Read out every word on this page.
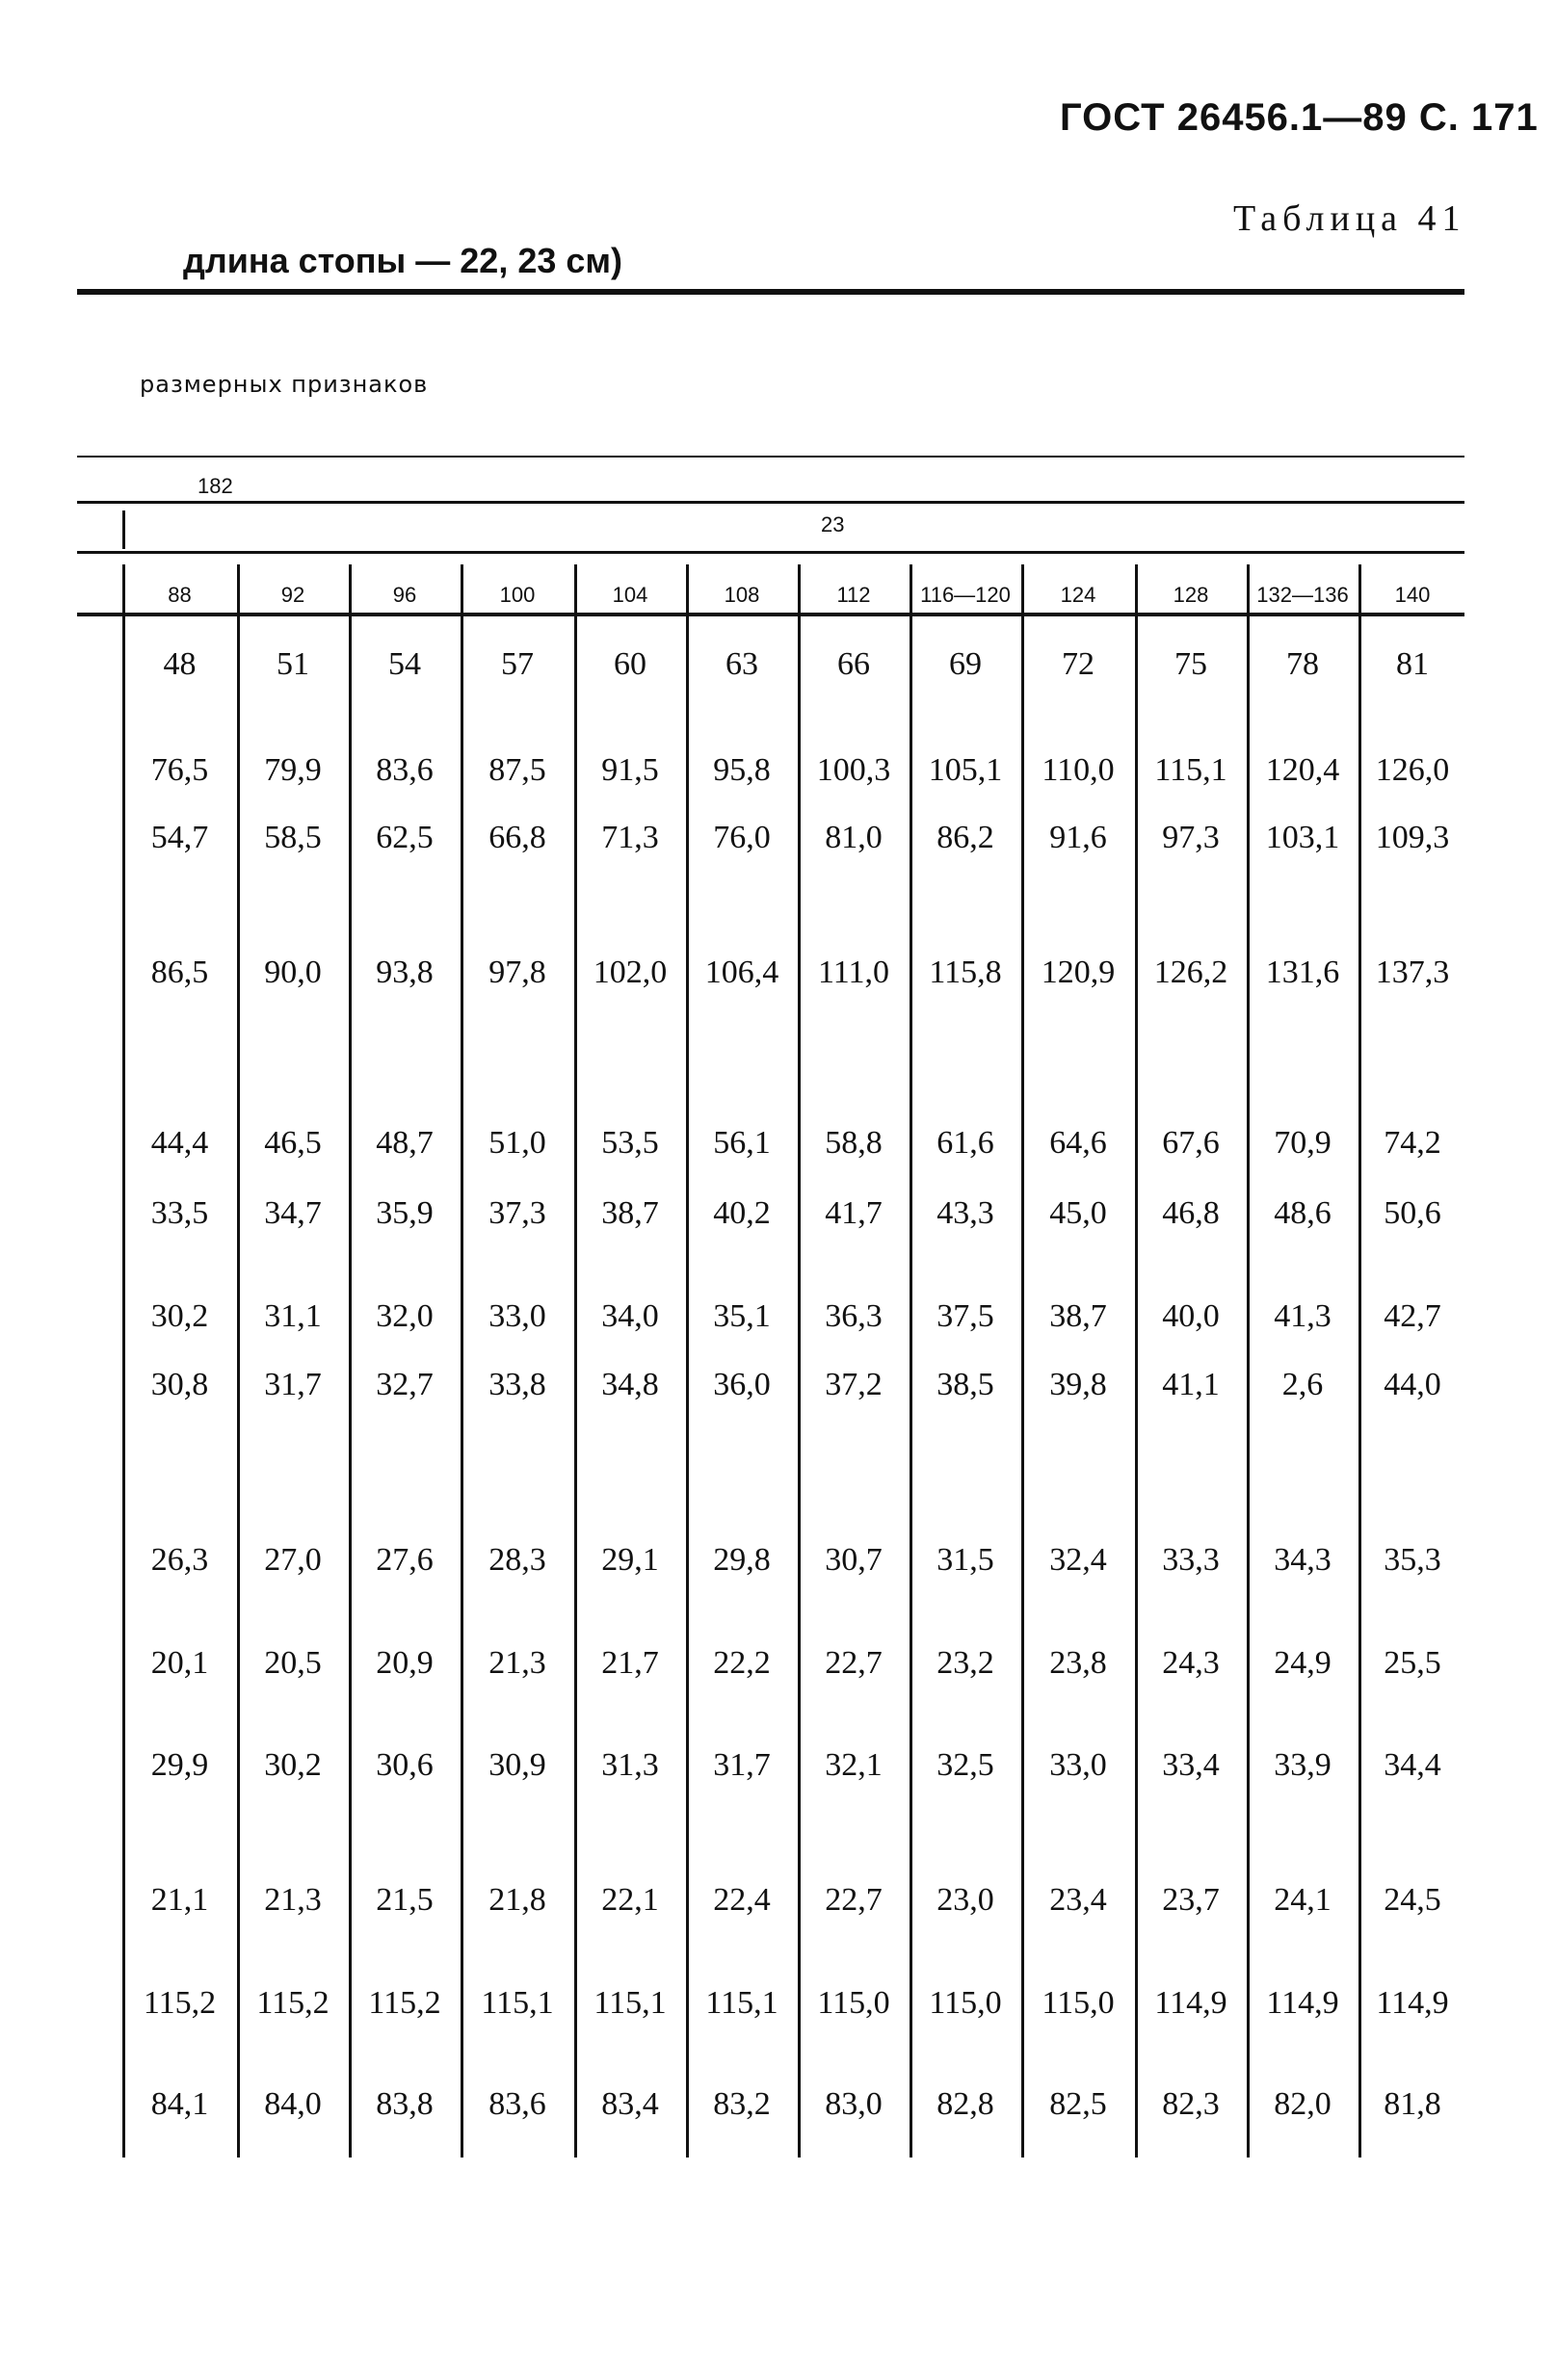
ГОСТ 26456.1—89 С. 171
Таблица 41
длина стопы — 22, 23 см)
размерных признаков
182
23
88	92	96	100	104	108	112	116—120	124	128	132—136	140
48	51	54	57	60	63	66	69	72	75	78	81
76,5	79,9	83,6	87,5	91,5	95,8	100,3	105,1	110,0	115,1	120,4	126,0
54,7	58,5	62,5	66,8	71,3	76,0	81,0	86,2	91,6	97,3	103,1	109,3
86,5	90,0	93,8	97,8	102,0	106,4	111,0	115,8	120,9	126,2	131,6	137,3
44,4	46,5	48,7	51,0	53,5	56,1	58,8	61,6	64,6	67,6	70,9	74,2
33,5	34,7	35,9	37,3	38,7	40,2	41,7	43,3	45,0	46,8	48,6	50,6
30,2	31,1	32,0	33,0	34,0	35,1	36,3	37,5	38,7	40,0	41,3	42,7
30,8	31,7	32,7	33,8	34,8	36,0	37,2	38,5	39,8	41,1	2,6	44,0
26,3	27,0	27,6	28,3	29,1	29,8	30,7	31,5	32,4	33,3	34,3	35,3
20,1	20,5	20,9	21,3	21,7	22,2	22,7	23,2	23,8	24,3	24,9	25,5
29,9	30,2	30,6	30,9	31,3	31,7	32,1	32,5	33,0	33,4	33,9	34,4
21,1	21,3	21,5	21,8	22,1	22,4	22,7	23,0	23,4	23,7	24,1	24,5
115,2	115,2	115,2	115,1	115,1	115,1	115,0	115,0	115,0	114,9	114,9	114,9
84,1	84,0	83,8	83,6	83,4	83,2	83,0	82,8	82,5	82,3	82,0	81,8
